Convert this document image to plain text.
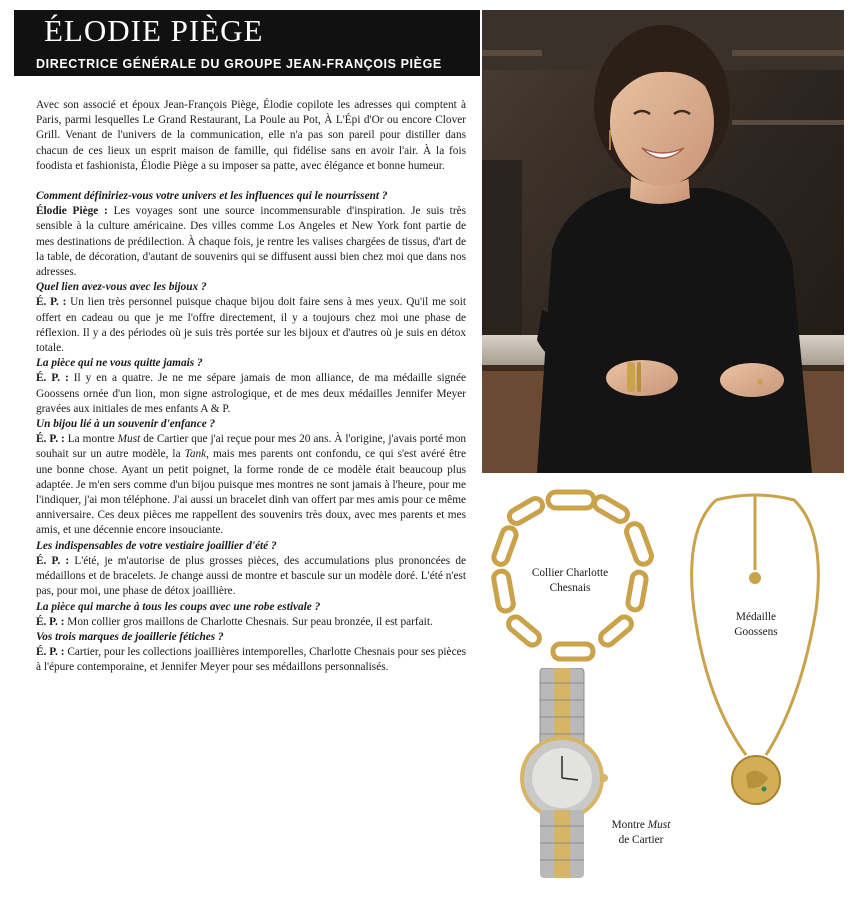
ÉLODIE PIÈGE
DIRECTRICE GÉNÉRALE DU GROUPE JEAN-FRANÇOIS PIÈGE

Avec son associé et époux Jean-François Piège, Élodie copilote les adresses qui comptent à Paris, parmi lesquelles Le Grand Restaurant, La Poule au Pot, À L'Épi d'Or ou encore Clover Grill. Venant de l'univers de la communication, elle n'a pas son pareil pour distiller dans chacun de ces lieux un esprit maison de famille, qui fidélise sans en avoir l'air. À la fois foodista et fashionista, Élodie Piège a su imposer sa patte, avec élégance et bonne humeur.

Comment définiriez-vous votre univers et les influences qui le nourrissent ?

Élodie Piège : Les voyages sont une source incommensurable d'inspiration. Je suis très sensible à la culture américaine. Des villes comme Los Angeles et New York font partie de mes destinations de prédilection. À chaque fois, je rentre les valises chargées de tissus, d'art de la table, de décoration, d'autant de souvenirs qui se diffusent aussi bien chez moi que dans nos adresses.

Quel lien avez-vous avec les bijoux ?

É. P. : Un lien très personnel puisque chaque bijou doit faire sens à mes yeux. Qu'il me soit offert en cadeau ou que je me l'offre directement, il y a toujours chez moi une phase de réflexion. Il y a des périodes où je suis très portée sur les bijoux et d'autres où je suis en détox totale.

La pièce qui ne vous quitte jamais ?

É. P. : Il y en a quatre. Je ne me sépare jamais de mon alliance, de ma médaille signée Goossens ornée d'un lion, mon signe astrologique, et de mes deux médailles Jennifer Meyer gravées aux initiales de mes enfants A & P.

Un bijou lié à un souvenir d'enfance ?

É. P. : La montre Must de Cartier que j'ai reçue pour mes 20 ans. À l'origine, j'avais porté mon souhait sur un autre modèle, la Tank, mais mes parents ont confondu, ce qui s'est avéré être une bonne chose. Ayant un petit poignet, la forme ronde de ce modèle était beaucoup plus adaptée. Je m'en sers comme d'un bijou puisque mes montres ne sont jamais à l'heure, pour me l'indiquer, j'ai mon téléphone. J'ai aussi un bracelet dinh van offert par mes amis pour ce même anniversaire. Ces deux pièces me rappellent des souvenirs très doux, avec mes parents et mes amis, et une décennie encore insouciante.

Les indispensables de votre vestiaire joaillier d'été ?

É. P. : L'été, je m'autorise de plus grosses pièces, des accumulations plus prononcées de médaillons et de bracelets. Je change aussi de montre et bascule sur un modèle doré. L'été n'est pas, pour moi, une phase de détox joaillière.

La pièce qui marche à tous les coups avec une robe estivale ?

É. P. : Mon collier gros maillons de Charlotte Chesnais. Sur peau bronzée, il est parfait.

Vos trois marques de joaillerie fétiches ?

É. P. : Cartier, pour les collections joaillières intemporelles, Charlotte Chesnais pour ses pièces à l'épure contemporaine, et Jennifer Meyer pour ses médaillons personnalisés.

Collier Charlotte
Chesnais
Médaille
Goossens
Montre Must
de Cartier
